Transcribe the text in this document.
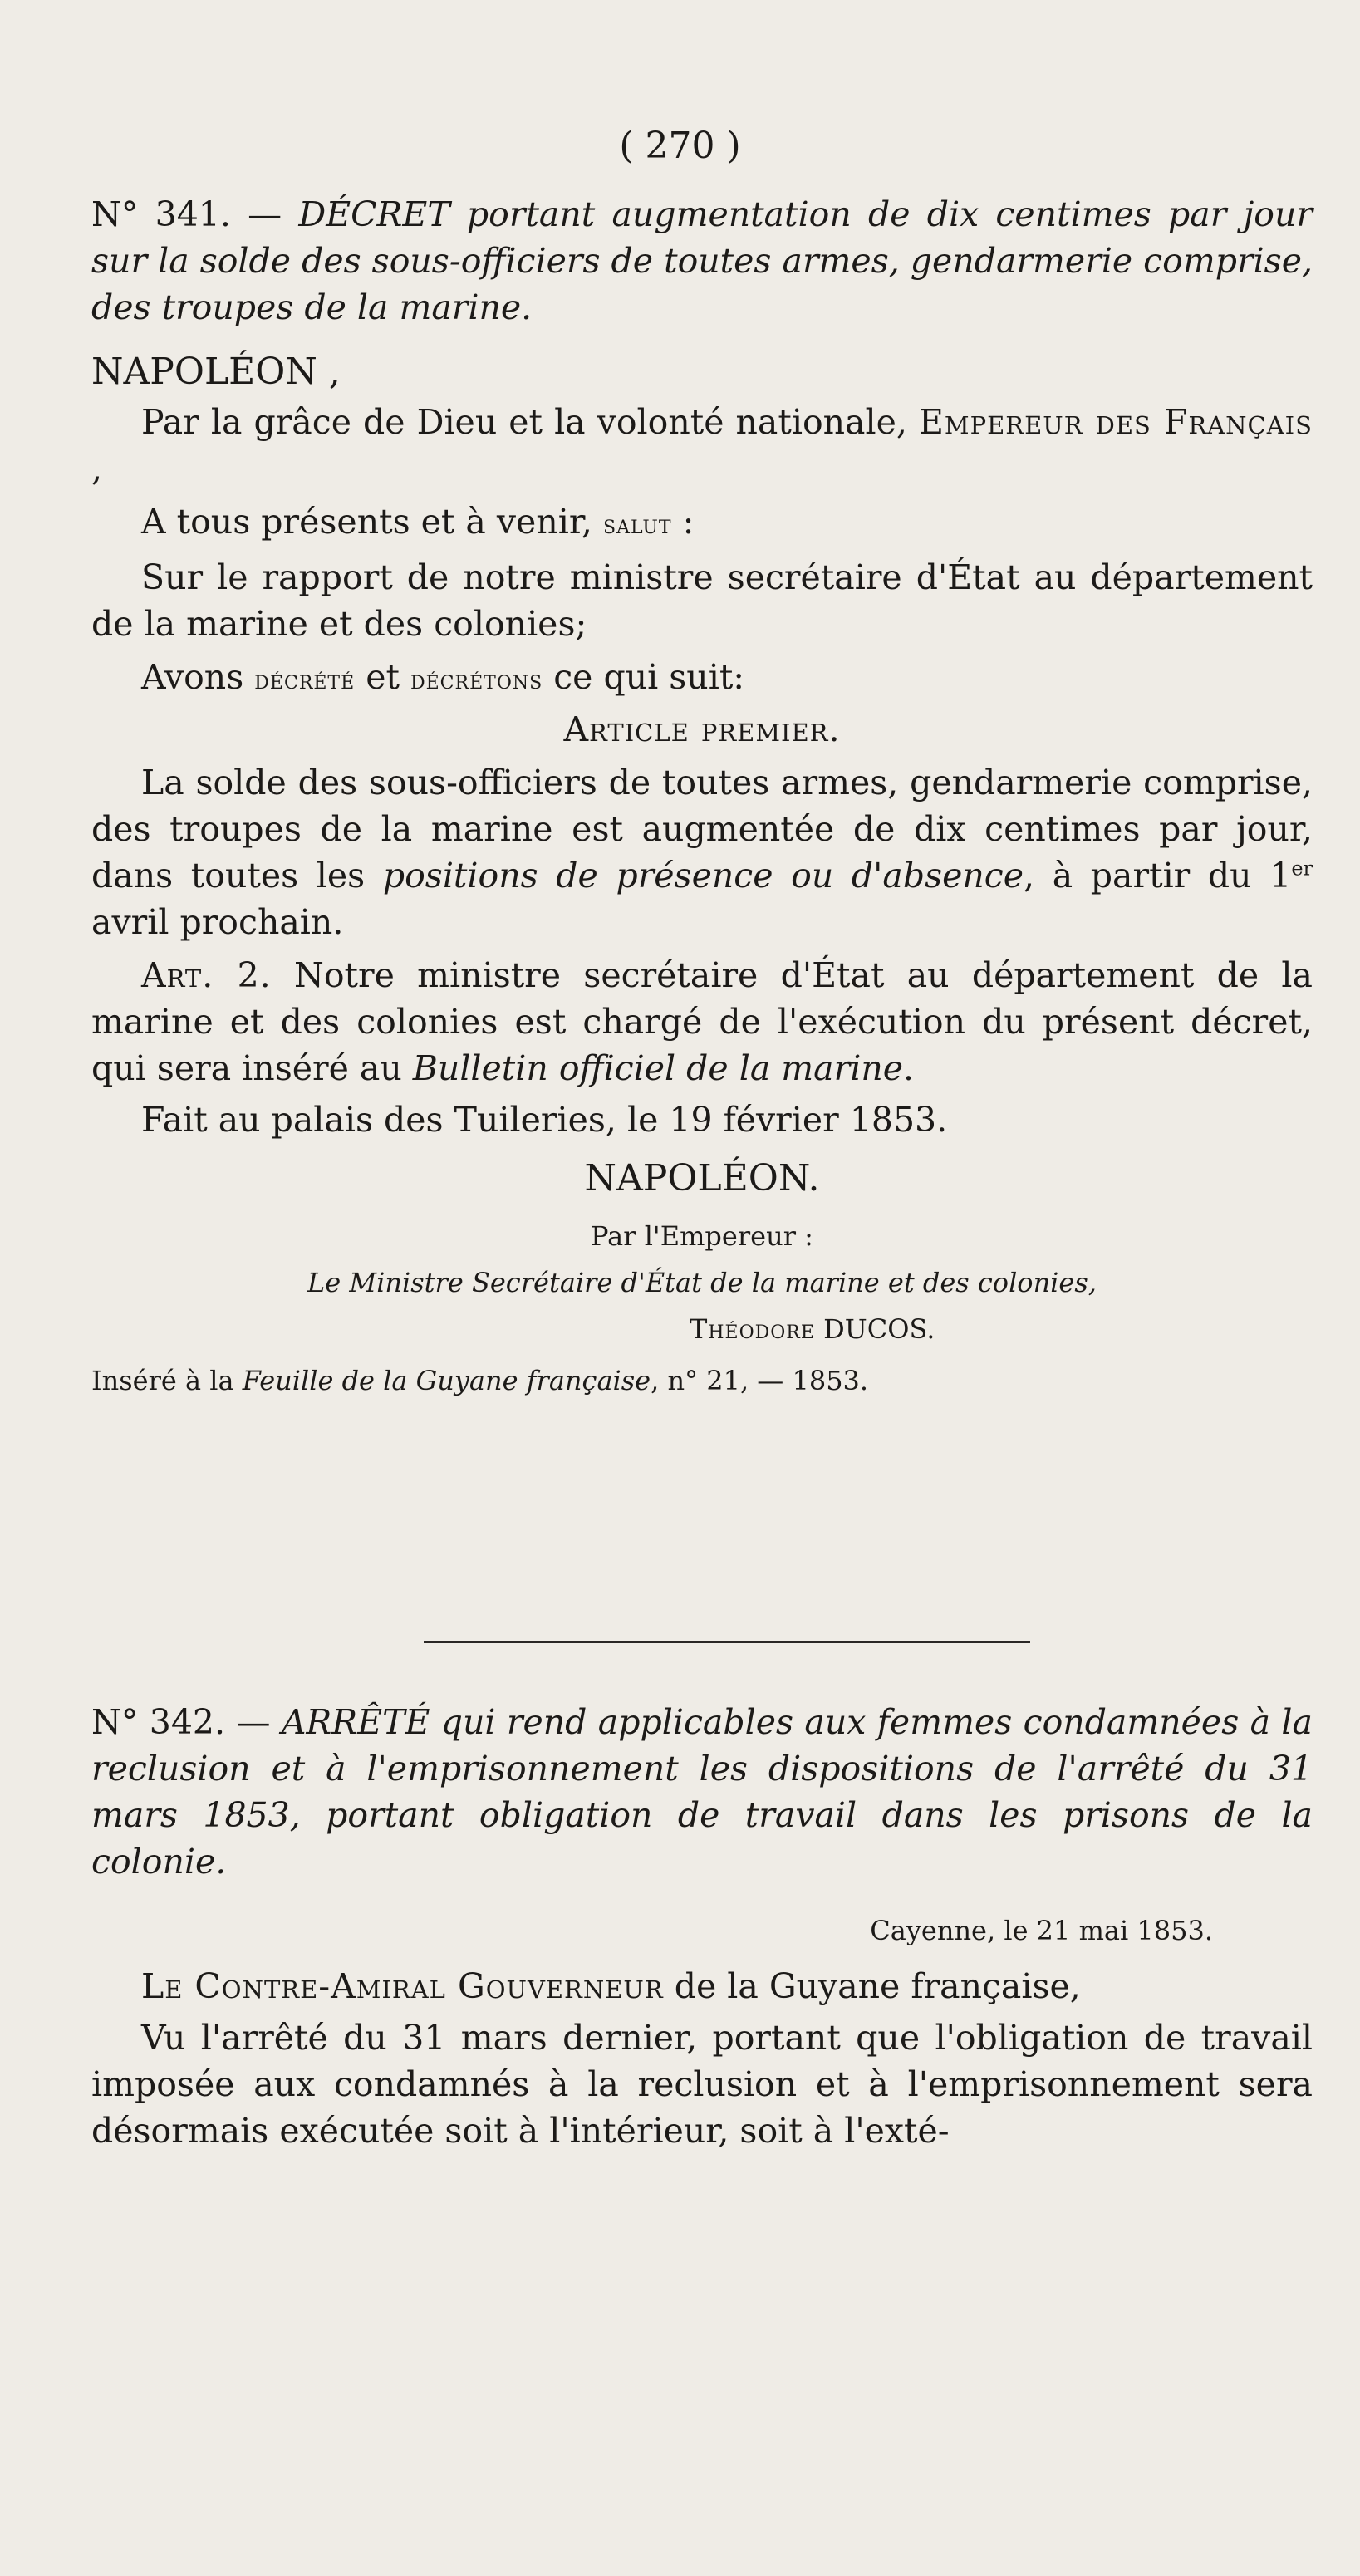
( 270 )

N° 341. — DÉCRET portant augmentation de dix centimes par jour sur la solde des sous-officiers de toutes armes, gendarmerie comprise, des troupes de la marine.

NAPOLÉON ,

Par la grâce de Dieu et la volonté nationale, Empereur des Français ,

A tous présents et à venir, salut :

Sur le rapport de notre ministre secrétaire d'État au département de la marine et des colonies;

Avons décrété et décrétons ce qui suit:

Article premier.

La solde des sous-officiers de toutes armes, gendarmerie comprise, des troupes de la marine est augmentée de dix centimes par jour, dans toutes les positions de présence ou d'absence, à partir du 1er avril prochain.

Art. 2. Notre ministre secrétaire d'État au département de la marine et des colonies est chargé de l'exécution du présent décret, qui sera inséré au Bulletin officiel de la marine.

Fait au palais des Tuileries, le 19 février 1853.

NAPOLÉON.

Par l'Empereur :

Le Ministre Secrétaire d'État de la marine et des colonies,

Théodore DUCOS.

Inséré à la Feuille de la Guyane française, n° 21, — 1853.

N° 342. — ARRÊTÉ qui rend applicables aux femmes condamnées à la reclusion et à l'emprisonnement les dispositions de l'arrêté du 31 mars 1853, portant obligation de travail dans les prisons de la colonie.

Cayenne, le 21 mai 1853.

Le Contre-Amiral Gouverneur de la Guyane française,

Vu l'arrêté du 31 mars dernier, portant que l'obligation de travail imposée aux condamnés à la reclusion et à l'emprisonnement sera désormais exécutée soit à l'intérieur, soit à l'exté-
